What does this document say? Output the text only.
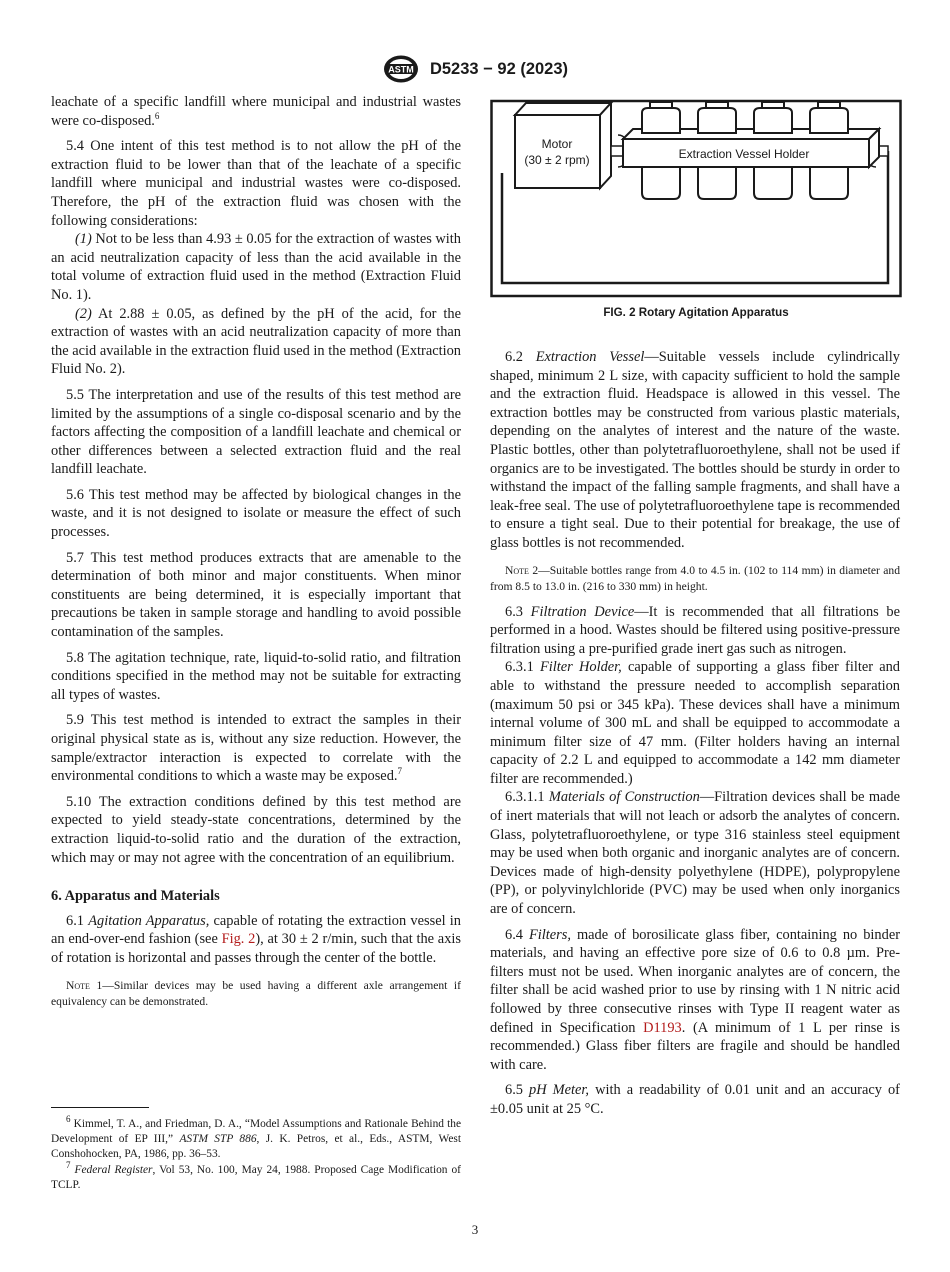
ASTM D5233 − 92 (2023)

leachate of a specific landfill where municipal and industrial wastes were co-disposed.$^6$

5.4 One intent of this test method is to not allow the pH of the extraction fluid to be lower than that of the leachate of a specific landfill where municipal and industrial wastes were co-disposed. Therefore, the pH of the extraction fluid was chosen with the following considerations:

(1) Not to be less than 4.93 ± 0.05 for the extraction of wastes with an acid neutralization capacity of less than the acid available in the total volume of extraction fluid used in the method (Extraction Fluid No. 1).

(2) At 2.88 ± 0.05, as defined by the pH of the acid, for the extraction of wastes with an acid neutralization capacity of more than the acid available in the extraction fluid used in the method (Extraction Fluid No. 2).

5.5 The interpretation and use of the results of this test method are limited by the assumptions of a single co-disposal scenario and by the factors affecting the composition of a landfill leachate and chemical or other differences between a selected extraction fluid and the real landfill leachate.

5.6 This test method may be affected by biological changes in the waste, and it is not designed to isolate or measure the effect of such processes.

5.7 This test method produces extracts that are amenable to the determination of both minor and major constituents. When minor constituents are being determined, it is especially important that precautions be taken in sample storage and handling to avoid possible contamination of the samples.

5.8 The agitation technique, rate, liquid-to-solid ratio, and filtration conditions specified in the method may not be suitable for extracting all types of wastes.

5.9 This test method is intended to extract the samples in their original physical state as is, without any size reduction. However, the sample/extractor interaction is expected to correlate with the environmental conditions to which a waste may be exposed.$^7$

5.10 The extraction conditions defined by this test method are expected to yield steady-state concentrations, determined by the extraction liquid-to-solid ratio and the duration of the extraction, which may or may not agree with the concentration of an equilibrium.

6. Apparatus and Materials

6.1 Agitation Apparatus, capable of rotating the extraction vessel in an end-over-end fashion (see Fig. 2), at 30 ± 2 r/min, such that the axis of rotation is horizontal and passes through the center of the bottle.

Note 1—Similar devices may be used having a different axle arrangement if equivalency can be demonstrated.

$^6$ Kimmel, T. A., and Friedman, D. A., “Model Assumptions and Rationale Behind the Development of EP III,” ASTM STP 886, J. K. Petros, et al., Eds., ASTM, West Conshohocken, PA, 1986, pp. 36–53.

$^7$ Federal Register, Vol 53, No. 100, May 24, 1988. Proposed Cage Modification of TCLP.

Motor
(30 ± 2 rpm)	Extraction Vessel Holder
FIG. 2 Rotary Agitation Apparatus

6.2 Extraction Vessel—Suitable vessels include cylindrically shaped, minimum 2 L size, with capacity sufficient to hold the sample and the extraction fluid. Headspace is allowed in this vessel. The extraction bottles may be constructed from various plastic materials, depending on the analytes of interest and the nature of the waste. Plastic bottles, other than polytetrafluoroethylene, shall not be used if organics are to be investigated. The bottles should be sturdy in order to withstand the impact of the falling sample fragments, and shall have a leak-free seal. The use of polytetrafluoroethylene tape is recommended to ensure a tight seal. Due to their potential for breakage, the use of glass bottles is not recommended.

Note 2—Suitable bottles range from 4.0 to 4.5 in. (102 to 114 mm) in diameter and from 8.5 to 13.0 in. (216 to 330 mm) in height.

6.3 Filtration Device—It is recommended that all filtrations be performed in a hood. Wastes should be filtered using positive-pressure filtration using a pre-purified grade inert gas such as nitrogen.

6.3.1 Filter Holder, capable of supporting a glass fiber filter and able to withstand the pressure needed to accomplish separation (maximum 50 psi or 345 kPa). These devices shall have a minimum internal volume of 300 mL and shall be equipped to accommodate a minimum filter size of 47 mm. (Filter holders having an internal capacity of 2.2 L and equipped to accommodate a 142 mm diameter filter are recommended.)

6.3.1.1 Materials of Construction—Filtration devices shall be made of inert materials that will not leach or adsorb the analytes of concern. Glass, polytetrafluoroethylene, or type 316 stainless steel equipment may be used when both organic and inorganic analytes are of concern. Devices made of high-density polyethylene (HDPE), polypropylene (PP), or polyvinylchloride (PVC) may be used when only inorganics are of concern.

6.4 Filters, made of borosilicate glass fiber, containing no binder materials, and having an effective pore size of 0.6 to 0.8 µm. Pre-filters must not be used. When inorganic analytes are of concern, the filter shall be acid washed prior to use by rinsing with 1 N nitric acid followed by three consecutive rinses with Type II reagent water as defined in Specification D1193. (A minimum of 1 L per rinse is recommended.) Glass fiber filters are fragile and should be handled with care.

6.5 pH Meter, with a readability of 0.01 unit and an accuracy of ±0.05 unit at 25 °C.

3
